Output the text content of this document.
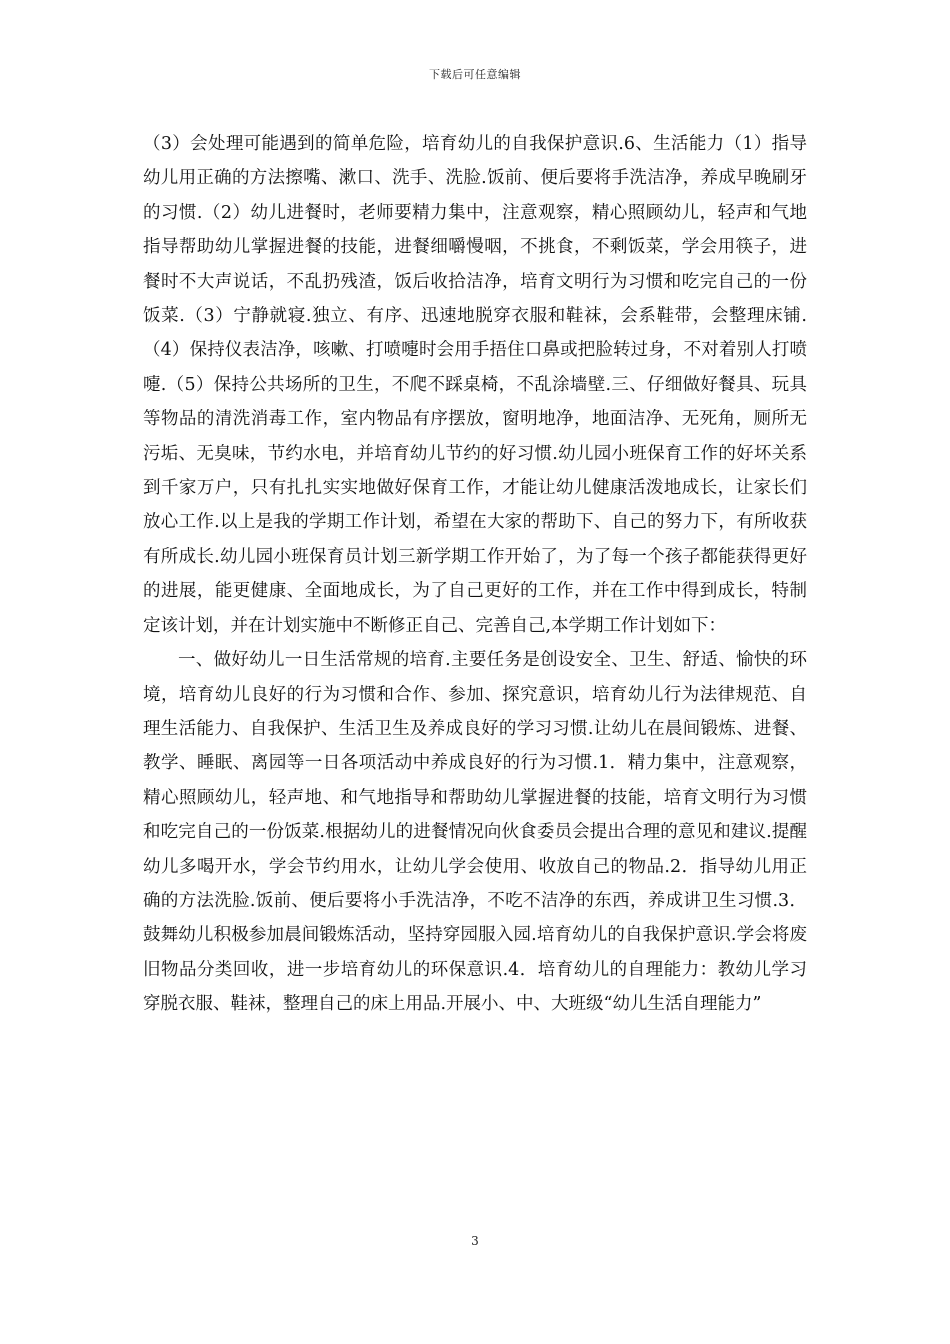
下载后可任意编辑

（3）会处理可能遇到的简单危险，培育幼儿的自我保护意识.6、生活能力（1）指导幼儿用正确的方法擦嘴、漱口、洗手、洗脸.饭前、便后要将手洗洁净，养成早晚刷牙的习惯.（2）幼儿进餐时，老师要精力集中，注意观察，精心照顾幼儿，轻声和气地指导帮助幼儿掌握进餐的技能，进餐细嚼慢咽，不挑食，不剩饭菜，学会用筷子，进餐时不大声说话，不乱扔残渣，饭后收拾洁净，培育文明行为习惯和吃完自己的一份饭菜.（3）宁静就寝.独立、有序、迅速地脱穿衣服和鞋袜，会系鞋带，会整理床铺.（4）保持仪表洁净，咳嗽、打喷嚏时会用手捂住口鼻或把脸转过身，不对着别人打喷嚏.（5）保持公共场所的卫生，不爬不踩桌椅，不乱涂墙壁.三、仔细做好餐具、玩具等物品的清洗消毒工作，室内物品有序摆放，窗明地净，地面洁净、无死角，厕所无污垢、无臭味，节约水电，并培育幼儿节约的好习惯.幼儿园小班保育工作的好坏关系到千家万户，只有扎扎实实地做好保育工作，才能让幼儿健康活泼地成长，让家长们放心工作.以上是我的学期工作计划，希望在大家的帮助下、自己的努力下，有所收获有所成长.幼儿园小班保育员计划三新学期工作开始了，为了每一个孩子都能获得更好的进展，能更健康、全面地成长，为了自己更好的工作，并在工作中得到成长，特制定该计划，并在计划实施中不断修正自己、完善自己,本学期工作计划如下：

一、做好幼儿一日生活常规的培育.主要任务是创设安全、卫生、舒适、愉快的环境，培育幼儿良好的行为习惯和合作、参加、探究意识，培育幼儿行为法律规范、自理生活能力、自我保护、生活卫生及养成良好的学习习惯.让幼儿在晨间锻炼、进餐、教学、睡眠、离园等一日各项活动中养成良好的行为习惯.1．精力集中，注意观察，精心照顾幼儿，轻声地、和气地指导和帮助幼儿掌握进餐的技能，培育文明行为习惯和吃完自己的一份饭菜.根据幼儿的进餐情况向伙食委员会提出合理的意见和建议.提醒幼儿多喝开水，学会节约用水，让幼儿学会使用、收放自己的物品.2．指导幼儿用正确的方法洗脸.饭前、便后要将小手洗洁净，不吃不洁净的东西，养成讲卫生习惯.3．鼓舞幼儿积极参加晨间锻炼活动，坚持穿园服入园.培育幼儿的自我保护意识.学会将废旧物品分类回收，进一步培育幼儿的环保意识.4．培育幼儿的自理能力：教幼儿学习穿脱衣服、鞋袜，整理自己的床上用品.开展小、中、大班级“幼儿生活自理能力”

3
